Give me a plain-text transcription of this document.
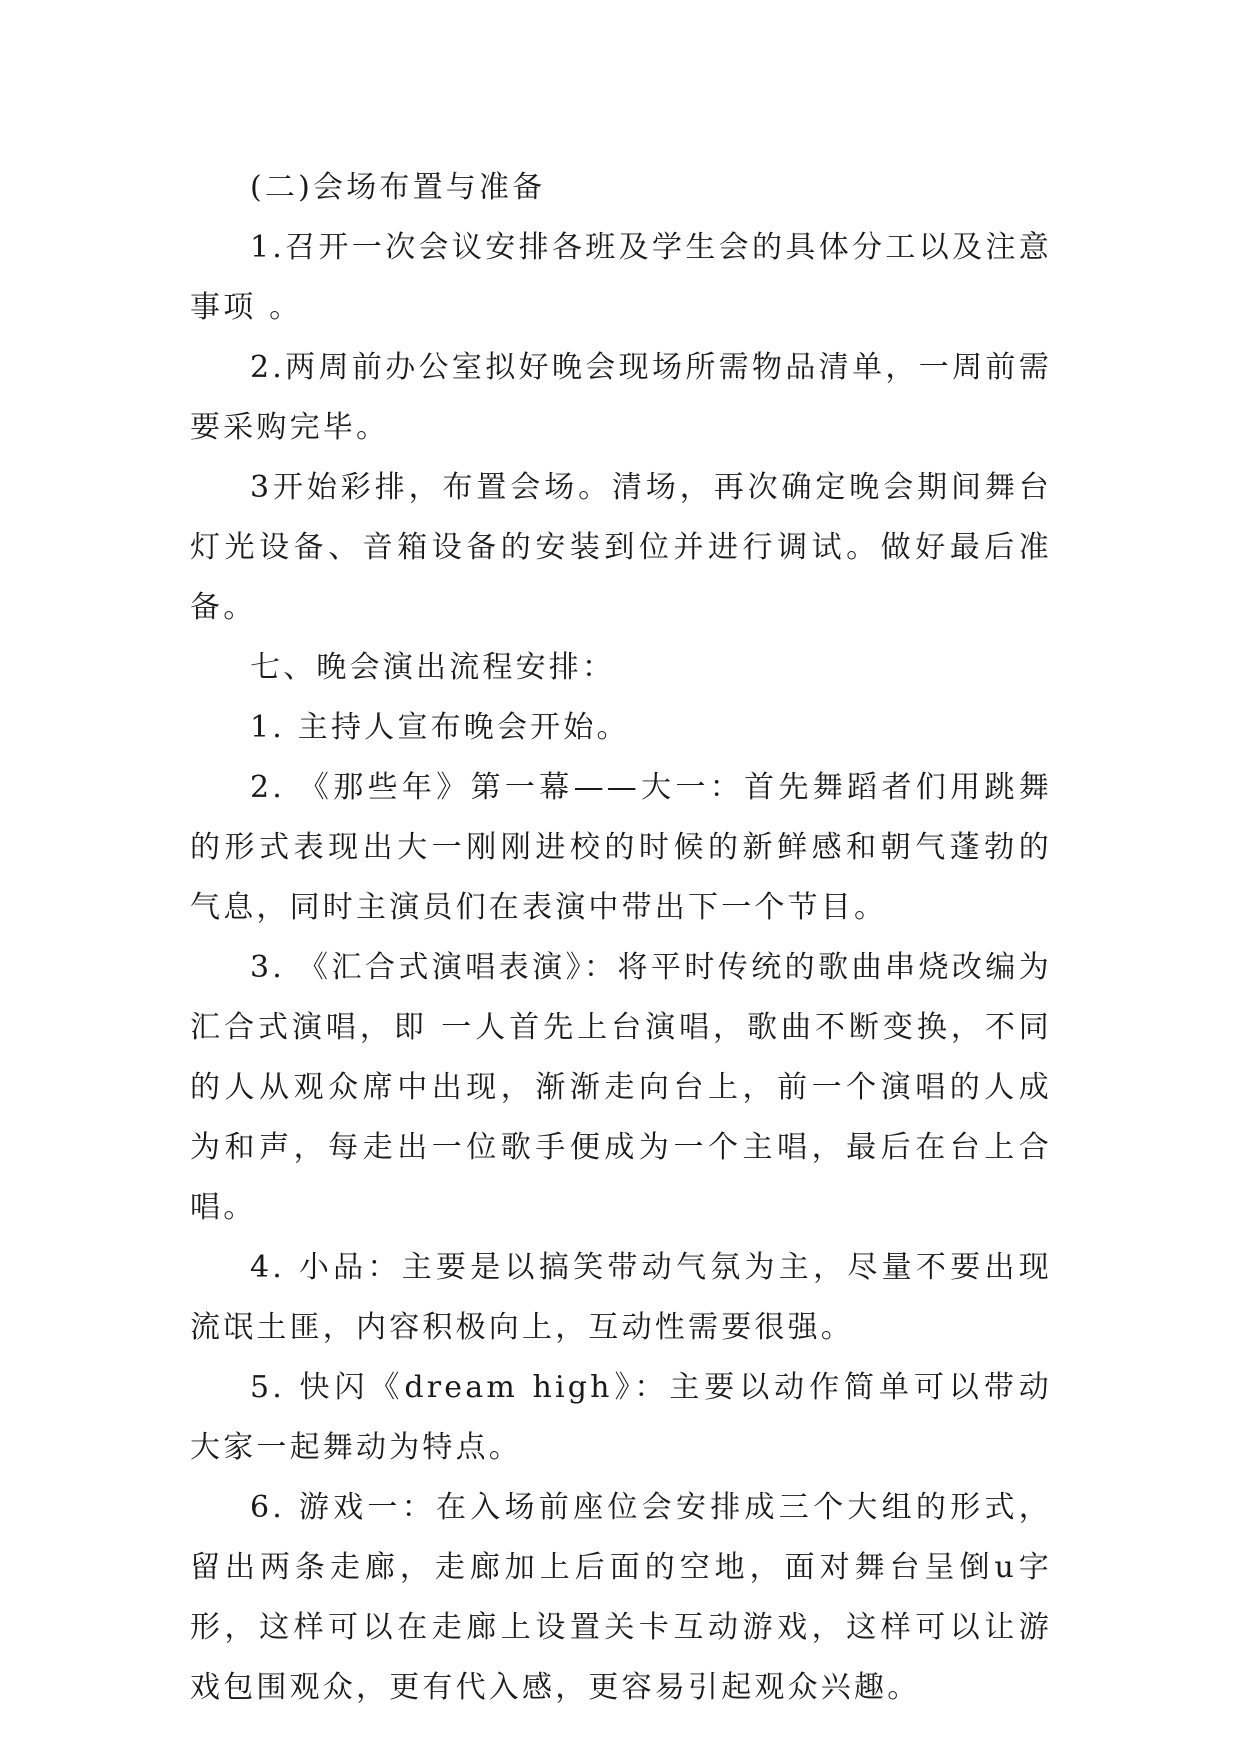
(二)会场布置与准备

1.召开一次会议安排各班及学生会的具体分工以及注意事项 。

2.两周前办公室拟好晚会现场所需物品清单，一周前需要采购完毕。

3开始彩排，布置会场。清场，再次确定晚会期间舞台灯光设备、音箱设备的安装到位并进行调试。做好最后准备。

七、晚会演出流程安排：

1. 主持人宣布晚会开始。

2. 《那些年》第一幕——大一：首先舞蹈者们用跳舞的形式表现出大一刚刚进校的时候的新鲜感和朝气蓬勃的气息，同时主演员们在表演中带出下一个节目。

3. 《汇合式演唱表演》：将平时传统的歌曲串烧改编为汇合式演唱，即 一人首先上台演唱，歌曲不断变换，不同的人从观众席中出现，渐渐走向台上，前一个演唱的人成为和声，每走出一位歌手便成为一个主唱，最后在台上合唱。

4. 小品：主要是以搞笑带动气氛为主，尽量不要出现流氓土匪，内容积极向上，互动性需要很强。

5. 快闪《dream high》：主要以动作简单可以带动大家一起舞动为特点。

6. 游戏一：在入场前座位会安排成三个大组的形式，留出两条走廊，走廊加上后面的空地，面对舞台呈倒u字形，这样可以在走廊上设置关卡互动游戏，这样可以让游戏包围观众，更有代入感，更容易引起观众兴趣。
